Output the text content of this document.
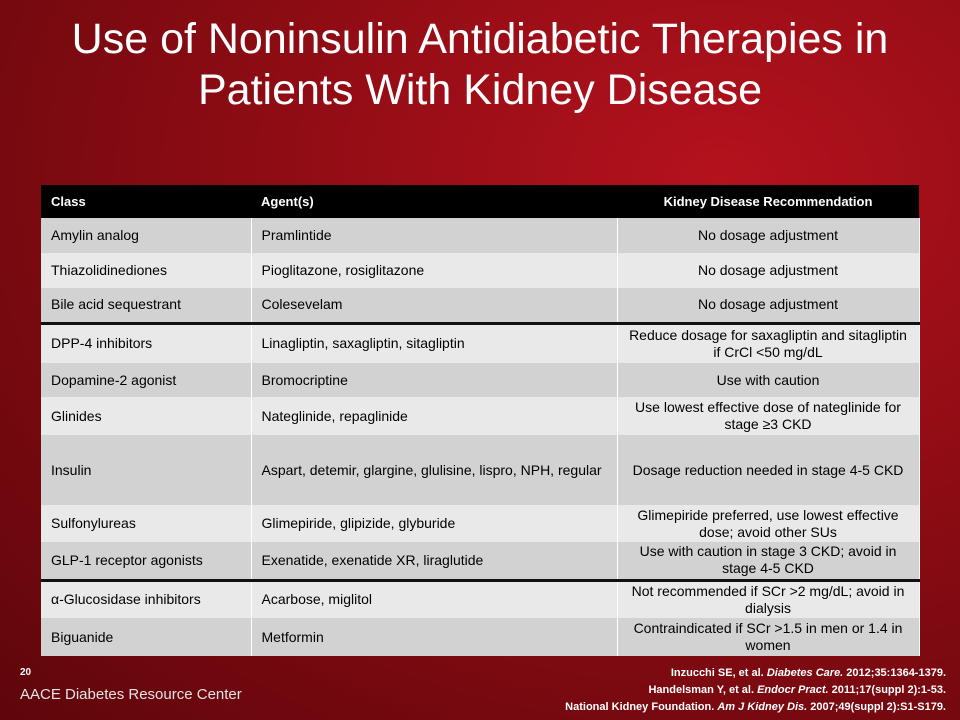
Use of Noninsulin Antidiabetic Therapies in Patients With Kidney Disease
Class	Agent(s)	Kidney Disease Recommendation
Amylin analog	Pramlintide	No dosage adjustment
Thiazolidinediones	Pioglitazone, rosiglitazone	No dosage adjustment
Bile acid sequestrant	Colesevelam	No dosage adjustment
DPP-4 inhibitors	Linagliptin, saxagliptin, sitagliptin	Reduce dosage for saxagliptin and sitagliptin if CrCl <50 mg/dL
Dopamine-2 agonist	Bromocriptine	Use with caution
Glinides	Nateglinide, repaglinide	Use lowest effective dose of nateglinide for stage ≥3 CKD
Insulin	Aspart, detemir, glargine, glulisine, lispro, NPH, regular	Dosage reduction needed in stage 4-5 CKD
Sulfonylureas	Glimepiride, glipizide, glyburide	Glimepiride preferred, use lowest effective dose; avoid other SUs
GLP-1 receptor agonists	Exenatide, exenatide XR, liraglutide	Use with caution in stage 3 CKD; avoid in stage 4-5 CKD
α-Glucosidase inhibitors	Acarbose, miglitol	Not recommended if SCr >2 mg/dL; avoid in dialysis
Biguanide	Metformin	Contraindicated if SCr >1.5 in men or 1.4 in women
20
AACE Diabetes Resource Center
Inzucchi SE, et al. Diabetes Care. 2012;35:1364-1379.
Handelsman Y, et al. Endocr Pract. 2011;17(suppl 2):1-53.
National Kidney Foundation. Am J Kidney Dis. 2007;49(suppl 2):S1-S179.
